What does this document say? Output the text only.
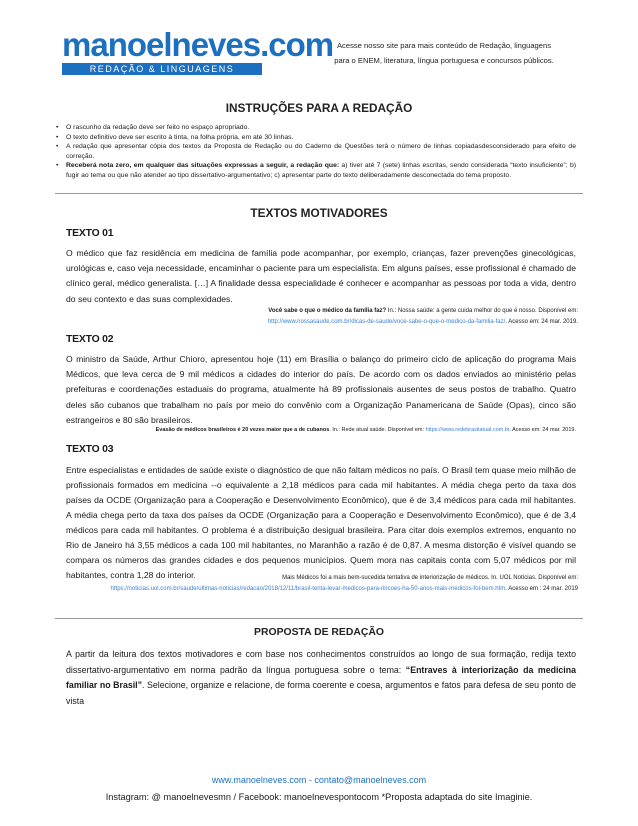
manoelneves.com
REDAÇÃO & LINGUAGENS
Acesse nosso site para mais conteúdo de Redação, linguagens
para o ENEM, literatura, língua portuguesa e concursos públicos.
INSTRUÇÕES PARA A REDAÇÃO
• O rascunho da redação deve ser feito no espaço apropriado.
• O texto definitivo deve ser escrito à tinta, na folha própria, em até 30 linhas.
• A redação que apresentar cópia dos textos da Proposta de Redação ou do Caderno de Questões terá o número de linhas copiadasdesconsiderado para efeito de correção.
• Receberá nota zero, em qualquer das situações expressas a seguir, a redação que: a) tiver até 7 (sete) linhas escritas, sendo considerada “texto insuficiente”; b) fugir ao tema ou que não atender ao tipo dissertativo-argumentativo; c) apresentar parte do texto deliberadamente desconectada do tema proposto.
TEXTOS MOTIVADORES
TEXTO 01

O médico que faz residência em medicina de família pode acompanhar, por exemplo, crianças, fazer prevenções ginecológicas, urológicas e, caso veja necessidade, encaminhar o paciente para um especialista. Em alguns países, esse profissional é chamado de clínico geral, médico generalista. […] A finalidade dessa especialidade é conhecer e acompanhar as pessoas por toda a vida, dentro do seu contexto e das suas complexidades.

Você sabe o que o médico da família faz? In.: Nossa saúde: a gente cuida melhor do que é nosso. Disponível em:
http://www.nossasaude.com.br/dicas-de-saude/voce-sabe-o-que-o-medico-da-familia-faz/. Acesso em: 24 mar. 2019.
TEXTO 02

O ministro da Saúde, Arthur Chioro, apresentou hoje (11) em Brasília o balanço do primeiro ciclo de aplicação do programa Mais Médicos, que leva cerca de 9 mil médicos a cidades do interior do país. De acordo com os dados enviados ao ministério pelas prefeituras e coordenações estaduais do programa, atualmente há 89 profissionais ausentes de seus postos de trabalho. Quatro deles são cubanos que trabalham no país por meio do convênio com a Organização Panamericana de Saúde (Opas), cinco são estrangeiros e 80 são brasileiros.

Evasão de médicos brasileiros é 20 vezes maior que a de cubanos. In.: Rede atual saúde. Disponível em: https://www.redebrasilatual.com.br. Acesso em: 24 mar. 2019.
TEXTO 03

Entre especialistas e entidades de saúde existe o diagnóstico de que não faltam médicos no país. O Brasil tem quase meio milhão de profissionais formados em medicina --o equivalente a 2,18 médicos para cada mil habitantes. A média chega perto da taxa dos países da OCDE (Organização para a Cooperação e Desenvolvimento Econômico), que é de 3,4 médicos para cada mil habitantes. A média chega perto da taxa dos países da OCDE (Organização para a Cooperação e Desenvolvimento Econômico), que é de 3,4 médicos para cada mil habitantes. O problema é a distribuição desigual brasileira. Para citar dois exemplos extremos, enquanto no Rio de Janeiro há 3,55 médicos a cada 100 mil habitantes, no Maranhão a razão é de 0,87. A mesma distorção é visível quando se compara os números das grandes cidades e dos pequenos municípios. Quem mora nas capitais conta com 5,07 médicos por mil habitantes, contra 1,28 do interior.	Mais Médicos foi a mais bem-sucedida tentativa de interiorização de médicos. In. UOL Notícias. Disponível em:
https://noticias.uol.com.br/saude/ultimas-noticias/redacao/2018/12/11/brasil-tenta-levar-medicos-para-rincoes-ha-50-anos-mais-medicos-foi-bem.htm. Acesso em : 24 mar. 2019
PROPOSTA DE REDAÇÃO

A partir da leitura dos textos motivadores e com base nos conhecimentos construídos ao longo de sua formação, redija texto dissertativo-argumentativo em norma padrão da língua portuguesa sobre o tema: “Entraves à interiorização da medicina familiar no Brasil”. Selecione, organize e relacione, de forma coerente e coesa, argumentos e fatos para defesa de seu ponto de vista

www.manoelneves.com - contato@manoelneves.com
Instagram: @ manoelnevesmn / Facebook: manoelnevespontocom *Proposta adaptada do site Imaginie.
